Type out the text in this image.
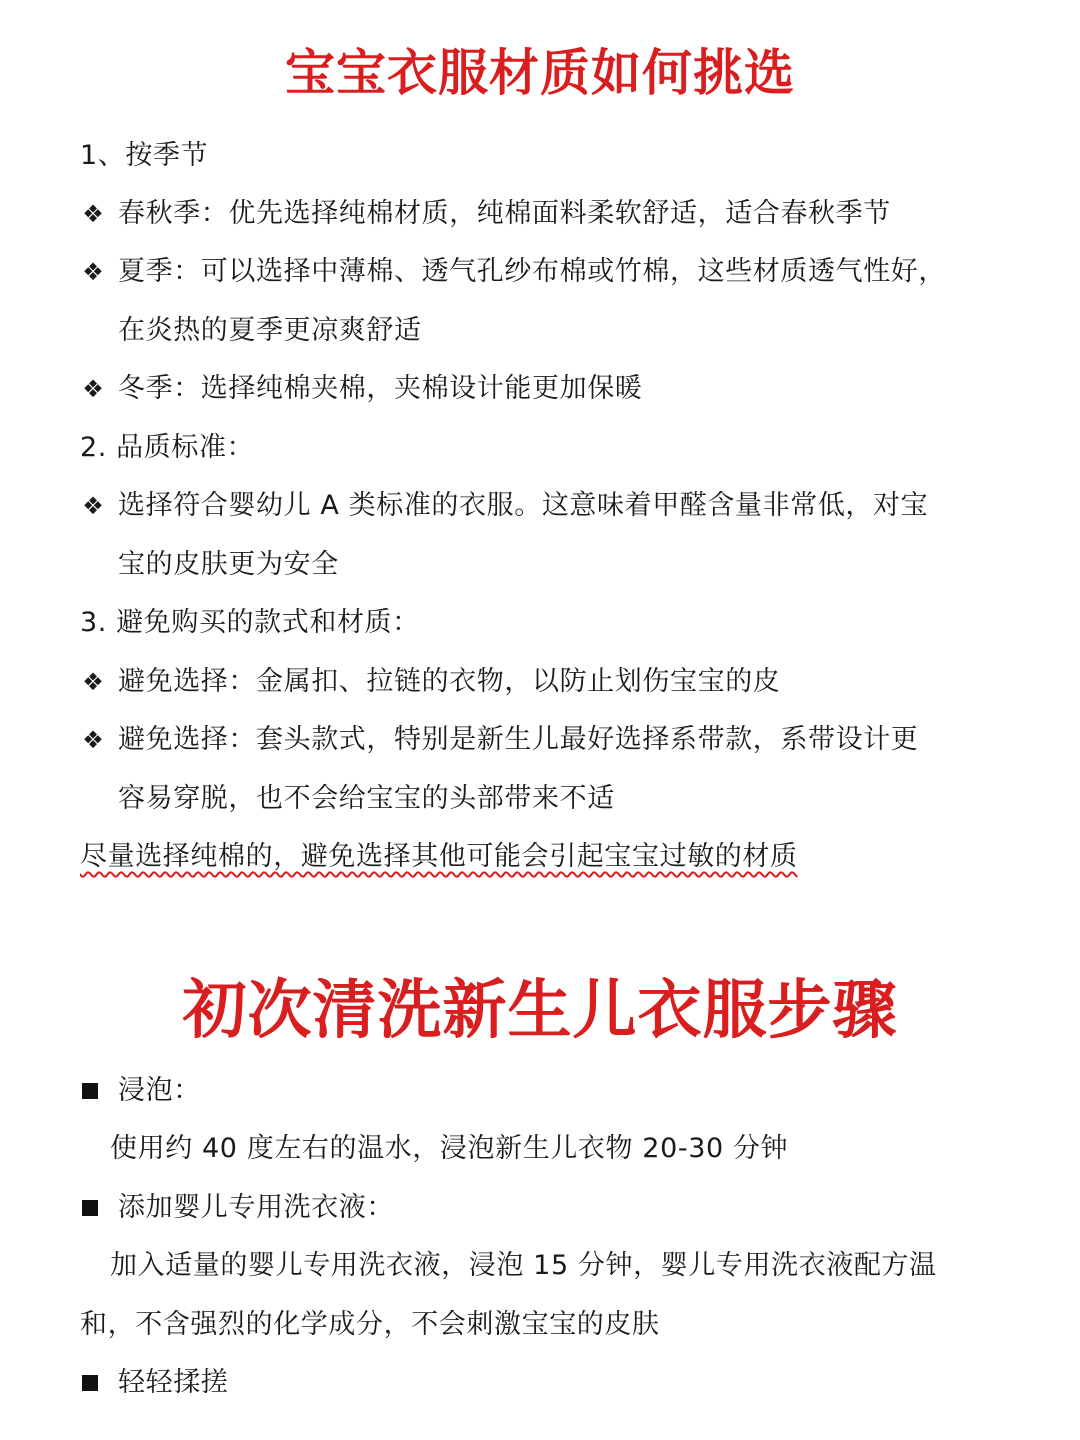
宝宝衣服材质如何挑选
1、按季节
❖ 春秋季：优先选择纯棉材质，纯棉面料柔软舒适，适合春秋季节
❖ 夏季：可以选择中薄棉、透气孔纱布棉或竹棉，这些材质透气性好，
在炎热的夏季更凉爽舒适
❖ 冬季：选择纯棉夹棉，夹棉设计能更加保暖
2. 品质标准：
❖ 选择符合婴幼儿 A 类标准的衣服。这意味着甲醛含量非常低，对宝
宝的皮肤更为安全
3. 避免购买的款式和材质：
❖ 避免选择：金属扣、拉链的衣物，以防止划伤宝宝的皮
❖ 避免选择：套头款式，特别是新生儿最好选择系带款，系带设计更
容易穿脱，也不会给宝宝的头部带来不适
尽量选择纯棉的，避免选择其他可能会引起宝宝过敏的材质
初次清洗新生儿衣服步骤
浸泡：
使用约 40 度左右的温水，浸泡新生儿衣物 20-30 分钟
添加婴儿专用洗衣液：
加入适量的婴儿专用洗衣液，浸泡 15 分钟，婴儿专用洗衣液配方温
和，不含强烈的化学成分，不会刺激宝宝的皮肤
轻轻揉搓
